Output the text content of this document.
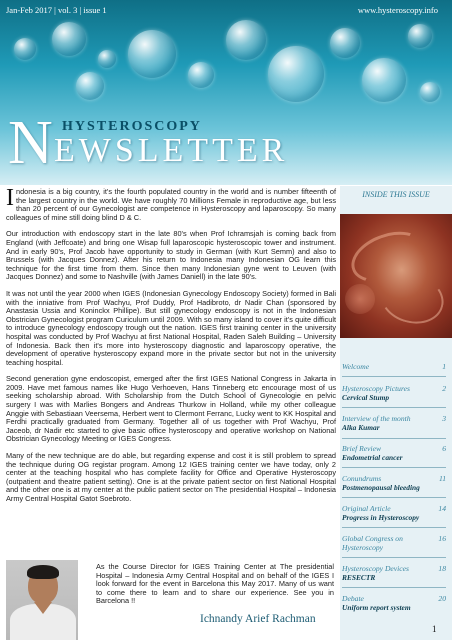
Jan-Feb 2017 | vol. 3 | issue 1	www.hysteroscopy.info
N HYSTEROSCOPY
EWSLETTER

Indonesia is a big country, it's the fourth populated country in the world and is number fifteenth of the largest country in the world. We have roughly 70 Millions Female in reproductive age, but less than 20 percent of our Gynecologist are competence in Hysteroscopy and laparoscopy. So many colleagues of mine still doing blind D & C.

Our introduction with endoscopy start in the late 80's when Prof Ichramsjah is coming back from England (with Jeffcoate) and bring one Wisap full laparoscopic hysteroscopic tower and instrument. And in early 90's, Prof Jacob have opportunity to study in German (with Kurt Semm) and also to Brussels (with Jacques Donnez). After his return to Indonesia many Indonesian OG learn this technique for the first time from them. Since then many Indonesian gyne went to Leuven (with Jacques Donnez) and some to Nashville (with James Daniell) in the late 90's.

It was not until the year 2000 when IGES (Indonesian Gynecology Endoscopy Society) formed in Bali with the inniative from Prof Wachyu, Prof Duddy, Prof Hadibroto, dr Nadir Chan (sponsored by Anastasia Ussia and Koninckx Phillipe). But still gynecology endoscopy is not in the Indonesian Obstrician Gynecologist program Curiculum until 2009. With so many island to cover it's quite difficult to introduce gynecology endoscopy trough out the nation. IGES first training center in the university hospital was conducted by Prof Wachyu at first National Hospital, Raden Saleh Building – University of Indonesia. Back then it's more into hysteroscopy diagnostic and laparoscopy operative, the development of operative hysteroscopy expand more in the private sector but not in the university teaching hospital.

Second generation gyne endoscopist, emerged after the first IGES National Congress in Jakarta in 2009. Have met famous names like Hugo Verhoeven, Hans Tinneberg etc encourage most of us seeking scholarship abroad. With Scholarship from the Dutch School of Gynecologie en pelvic surgery I was with Marlies Bongers and Andreas Thurkow in Holland, while my other colleague Anggie with Sebastiaan Veersema, Herbert went to Clermont Ferranc, Lucky went to KK Hospital and Ferdhi practically graduated from Germany. Together all of us together with Prof Wachyu, Prof Jaceob, dr Nadir etc started to give basic office hysteroscopy and operative workshop on National Obstrician Gynecology Meeting or IGES Congress.

Many of the new technique are do able, but regarding expense and cost it is still problem to spread the technique during OG registar program. Among 12 IGES training center we have today, only 2 center at the teaching hospital who has complete facility for Office and Operative Hysteroscopy (outpatient and theatre patient setting). One is at the private patient sector on first National Hospital and the other one is at my center at the public patient sector on The presidential Hospital – Indonesia Army Central Hospital Gatot Soebroto.

As the Course Director for IGES Training Center at The presidential Hospital – Indonesia Army Central Hospital and on behalf of the IGES I look forward for the event in Barcelona this May 2017. Many of us want to come there to learn and to share our experience. See you in Barcelona !!

Ichnandy Arief Rachman
INSIDE THIS ISSUE
Welcome	1
Hysteroscopy Pictures
Cervical Stump
2
Interview of the month
Alka Kumar
3
Brief Review
Endometrial cancer
6
Conundrums
Postmenopausal bleeding
11
Original Article
Progress in Hysteroscopy
14
Global Congress on Hysteroscopy
16
Hysteroscopy Devices
RESECTR
18
Debate
Uniform report system
20
1
